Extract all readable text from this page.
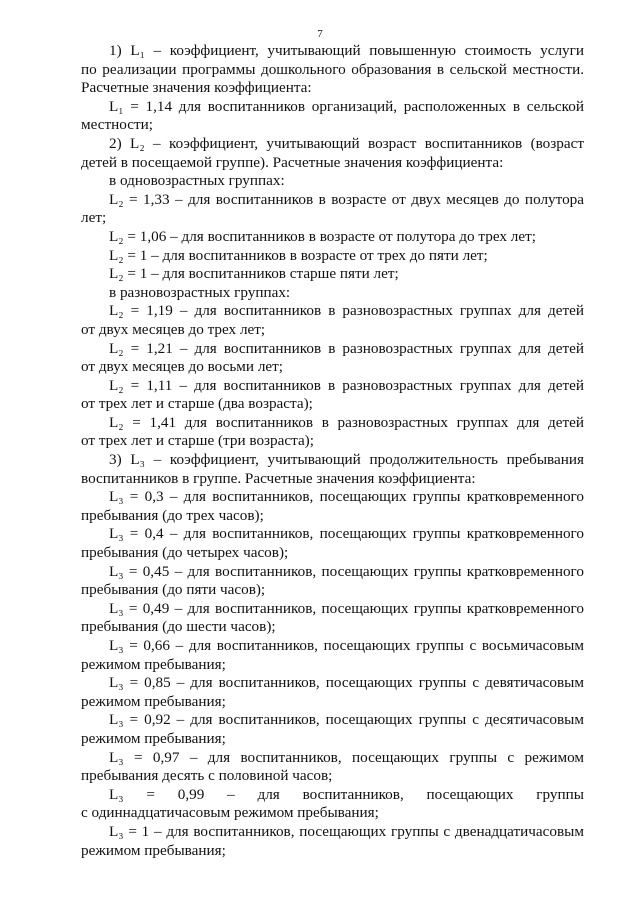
7

1) L₁ – коэффициент, учитывающий повышенную стоимость услуги

по реализации программы дошкольного образования в сельской местности.

Расчетные значения коэффициента:

L₁ = 1,14 для воспитанников организаций, расположенных в сельской

местности;

2) L₂ – коэффициент, учитывающий возраст воспитанников (возраст

детей в посещаемой группе). Расчетные значения коэффициента:

в одновозрастных группах:

L₂ = 1,33 – для воспитанников в возрасте от двух месяцев до полутора

лет;

L₂ = 1,06 – для воспитанников в возрасте от полутора до трех лет;

L₂ = 1 – для воспитанников в возрасте от трех до пяти лет;

L₂ = 1 – для воспитанников старше пяти лет;

в разновозрастных группах:

L₂ = 1,19 – для воспитанников в разновозрастных группах для детей

от двух месяцев до трех лет;

L₂ = 1,21 – для воспитанников в разновозрастных группах для детей

от двух месяцев до восьми лет;

L₂ = 1,11 – для воспитанников в разновозрастных группах для детей

от трех лет и старше (два возраста);

L₂ = 1,41 для воспитанников в разновозрастных группах для детей

от трех лет и старше (три возраста);

3) L₃ – коэффициент, учитывающий продолжительность пребывания

воспитанников в группе. Расчетные значения коэффициента:

L₃ = 0,3 – для воспитанников, посещающих группы кратковременного

пребывания (до трех часов);

L₃ = 0,4 – для воспитанников, посещающих группы кратковременного

пребывания (до четырех часов);

L₃ = 0,45 – для воспитанников, посещающих группы кратковременного

пребывания (до пяти часов);

L₃ = 0,49 – для воспитанников, посещающих группы кратковременного

пребывания (до шести часов);

L₃ = 0,66 – для воспитанников, посещающих группы с восьмичасовым

режимом пребывания;

L₃ = 0,85 – для воспитанников, посещающих группы с девятичасовым

режимом пребывания;

L₃ = 0,92 – для воспитанников, посещающих группы с десятичасовым

режимом пребывания;

L₃ = 0,97 – для воспитанников, посещающих группы с режимом

пребывания десять с половиной часов;

L₃ = 0,99 – для воспитанников, посещающих группы

с одиннадцатичасовым режимом пребывания;

L₃ = 1 – для воспитанников, посещающих группы с двенадцатичасовым

режимом пребывания;
